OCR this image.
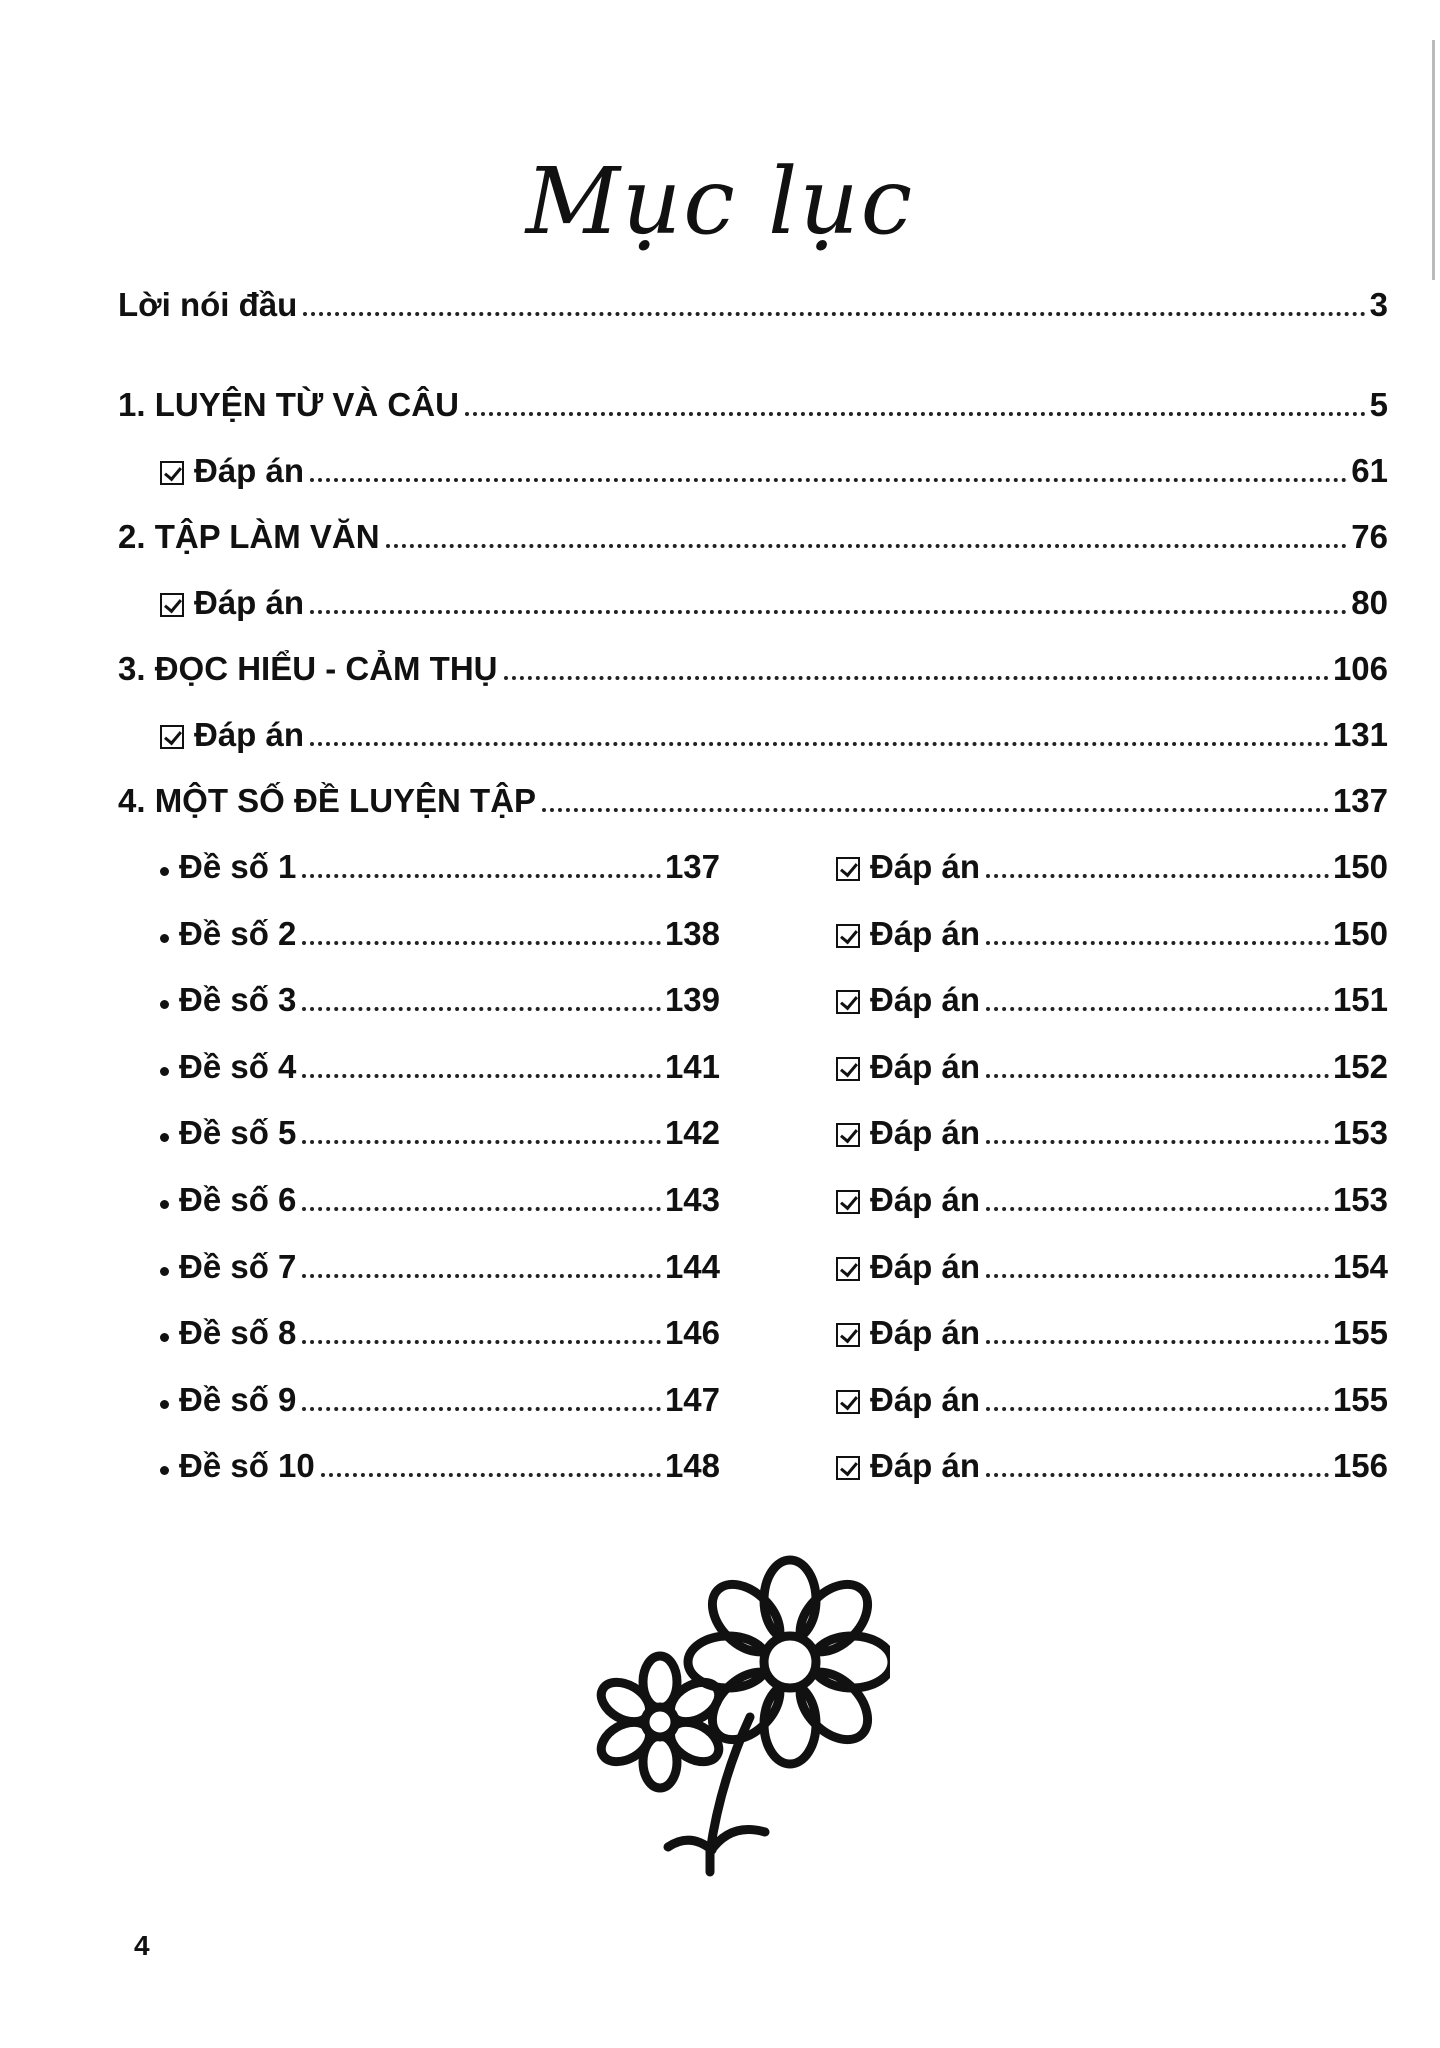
Mục lục
Lời nói đầu	3
1. LUYỆN TỪ VÀ CÂU	5
Đáp án	61
2. TẬP LÀM VĂN	76
Đáp án	80
3. ĐỌC HIỂU - CẢM THỤ	106
Đáp án	131
4. MỘT SỐ ĐỀ LUYỆN TẬP	137
Đề số 1	137	Đáp án	150
Đề số 2	138	Đáp án	150
Đề số 3	139	Đáp án	151
Đề số 4	141	Đáp án	152
Đề số 5	142	Đáp án	153
Đề số 6	143	Đáp án	153
Đề số 7	144	Đáp án	154
Đề số 8	146	Đáp án	155
Đề số 9	147	Đáp án	155
Đề số 10	148	Đáp án	156
4
